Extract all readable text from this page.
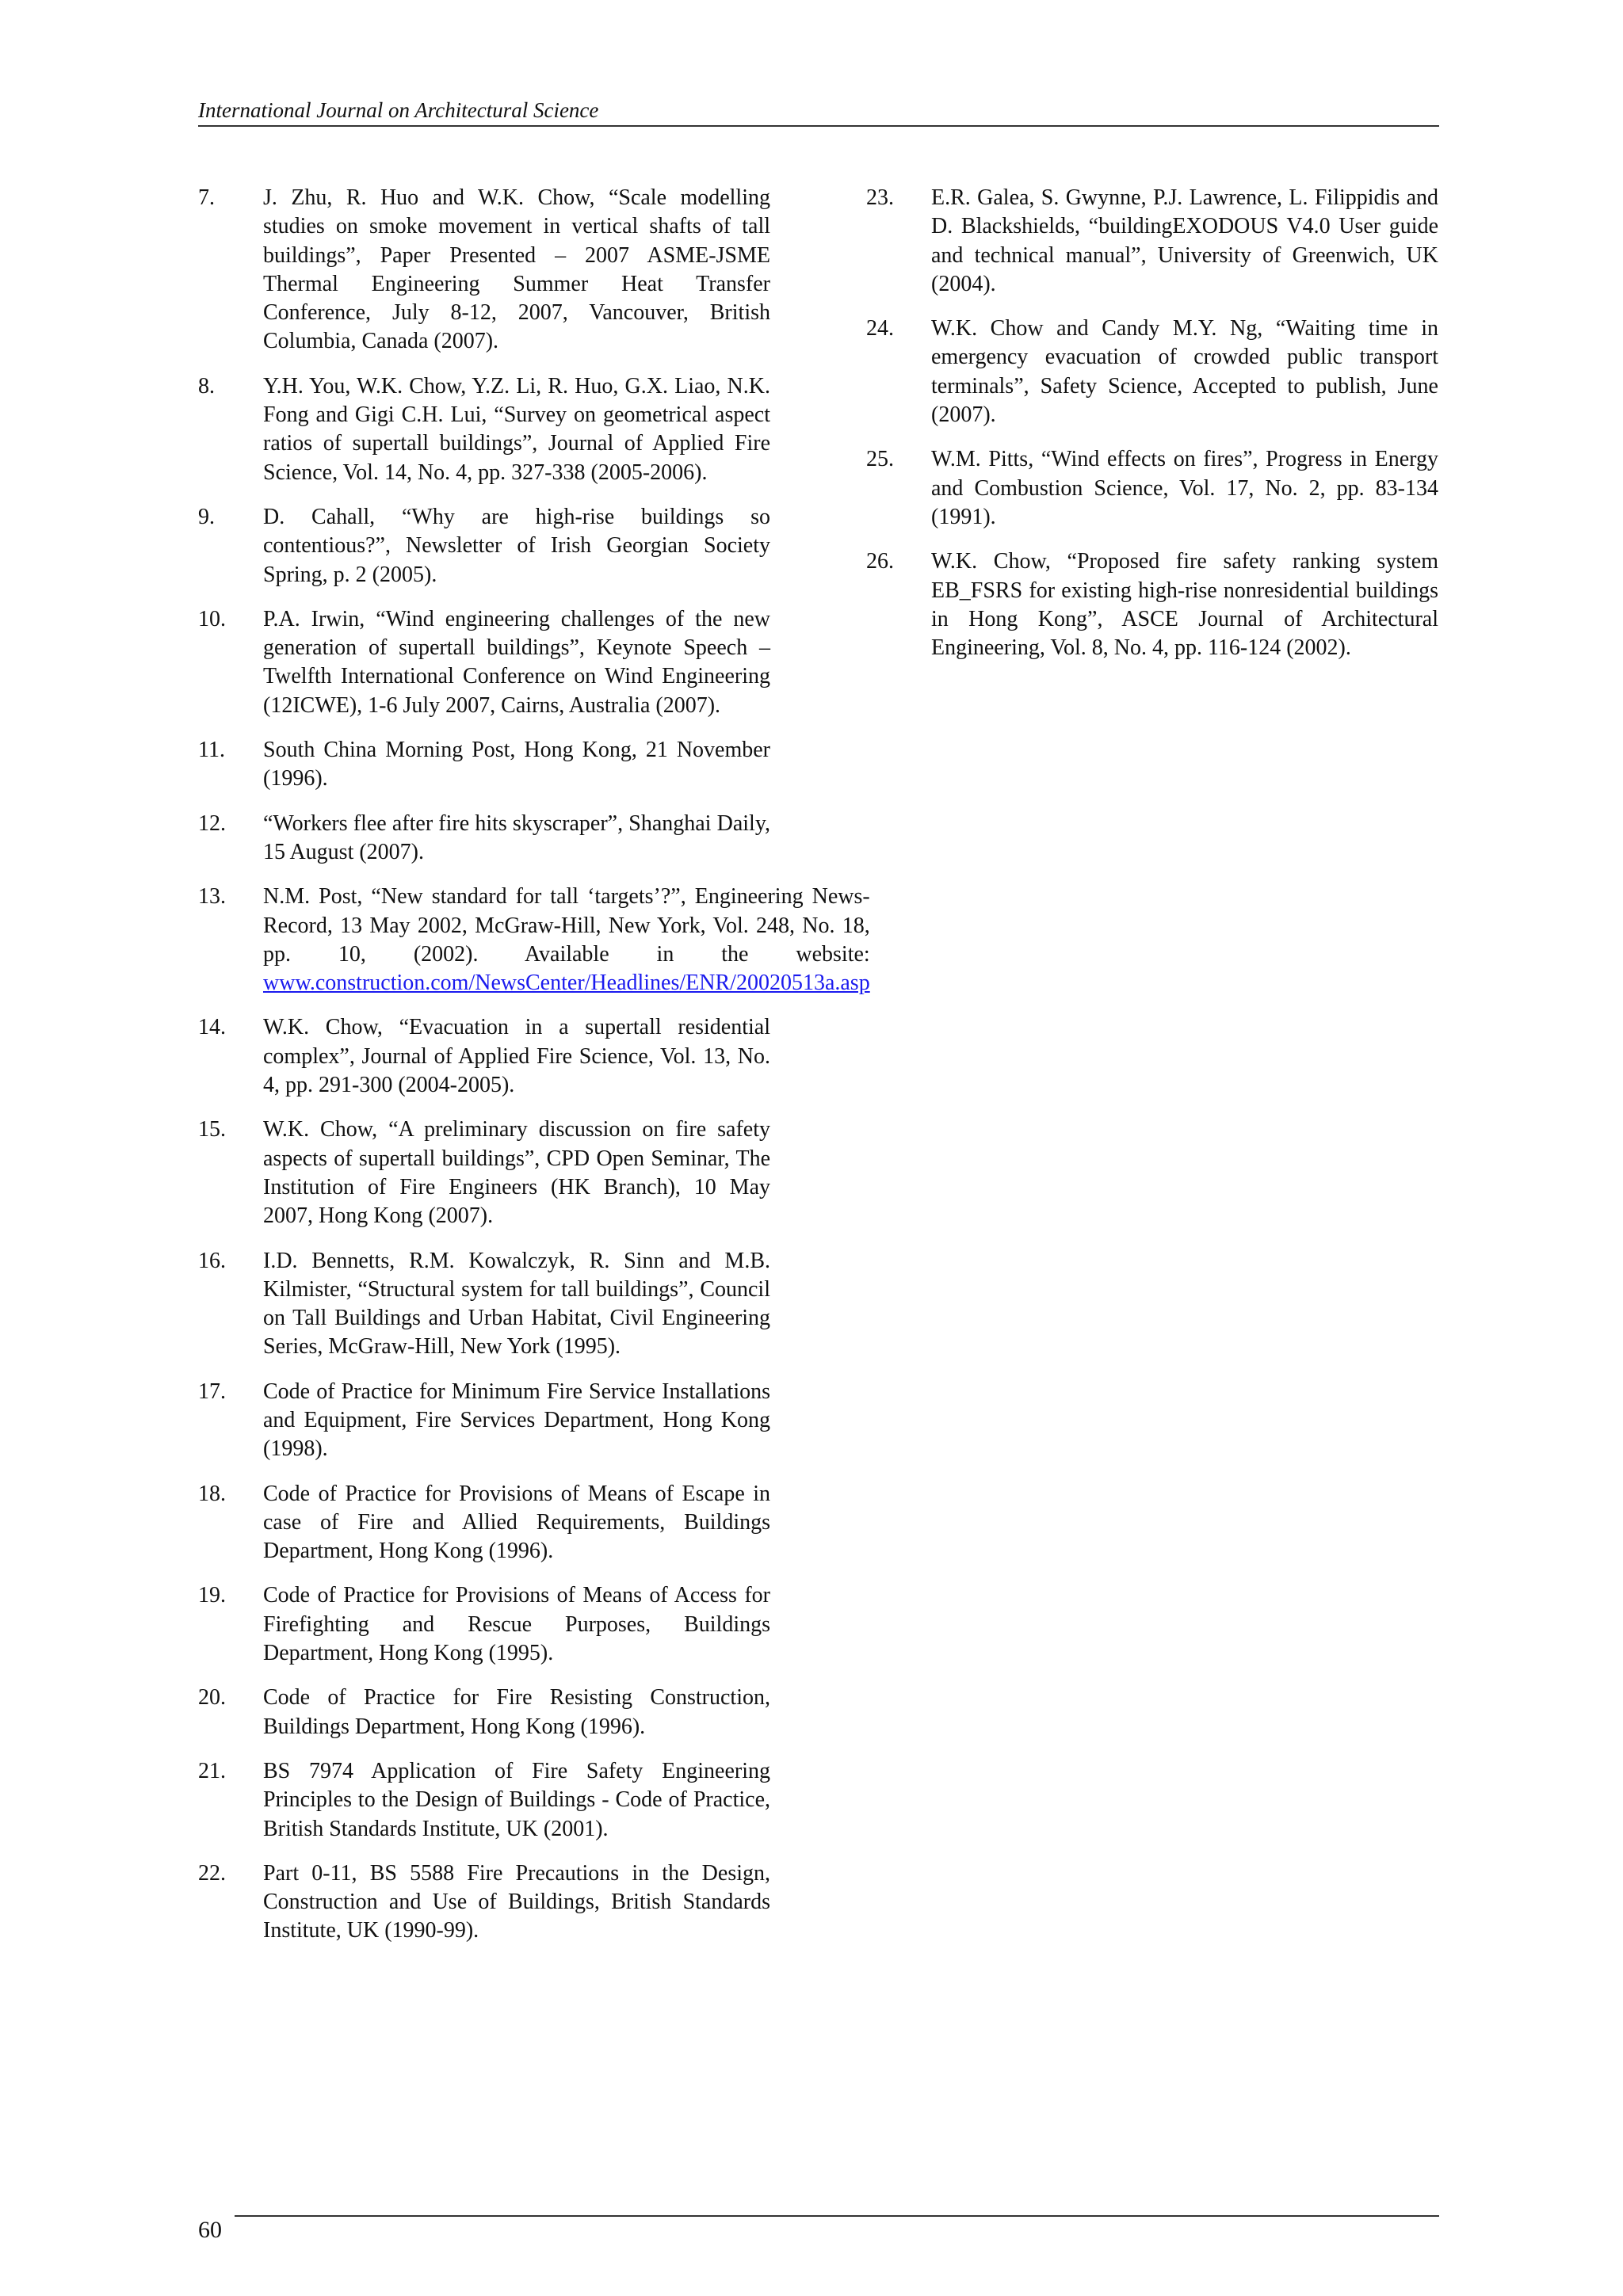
International Journal on Architectural Science
7.	J. Zhu, R. Huo and W.K. Chow, “Scale modelling studies on smoke movement in vertical shafts of tall buildings”, Paper Presented – 2007 ASME-JSME Thermal Engineering Summer Heat Transfer Conference, July 8-12, 2007, Vancouver, British Columbia, Canada (2007).
8.	Y.H. You, W.K. Chow, Y.Z. Li, R. Huo, G.X. Liao, N.K. Fong and Gigi C.H. Lui, “Survey on geometrical aspect ratios of supertall buildings”, Journal of Applied Fire Science, Vol. 14, No. 4, pp. 327-338 (2005-2006).
9.	D. Cahall, “Why are high-rise buildings so contentious?”, Newsletter of Irish Georgian Society Spring, p. 2 (2005).
10.	P.A. Irwin, “Wind engineering challenges of the new generation of supertall buildings”, Keynote Speech – Twelfth International Conference on Wind Engineering (12ICWE), 1-6 July 2007, Cairns, Australia (2007).
11.	South China Morning Post, Hong Kong, 21 November (1996).
12.	“Workers flee after fire hits skyscraper”, Shanghai Daily, 15 August (2007).
13.	N.M. Post, “New standard for tall ‘targets’?”, Engineering News-Record, 13 May 2002, McGraw-Hill, New York, Vol. 248, No. 18, pp. 10, (2002). Available in the website: www.construction.com/NewsCenter/Headlines/ENR/20020513a.asp
14.	W.K. Chow, “Evacuation in a supertall residential complex”, Journal of Applied Fire Science, Vol. 13, No. 4, pp. 291-300 (2004-2005).
15.	W.K. Chow, “A preliminary discussion on fire safety aspects of supertall buildings”, CPD Open Seminar, The Institution of Fire Engineers (HK Branch), 10 May 2007, Hong Kong (2007).
16.	I.D. Bennetts, R.M. Kowalczyk, R. Sinn and M.B. Kilmister, “Structural system for tall buildings”, Council on Tall Buildings and Urban Habitat, Civil Engineering Series, McGraw-Hill, New York (1995).
17.	Code of Practice for Minimum Fire Service Installations and Equipment, Fire Services Department, Hong Kong (1998).
18.	Code of Practice for Provisions of Means of Escape in case of Fire and Allied Requirements, Buildings Department, Hong Kong (1996).
19.	Code of Practice for Provisions of Means of Access for Firefighting and Rescue Purposes, Buildings Department, Hong Kong (1995).
20.	Code of Practice for Fire Resisting Construction, Buildings Department, Hong Kong (1996).
21.	BS 7974 Application of Fire Safety Engineering Principles to the Design of Buildings - Code of Practice, British Standards Institute, UK (2001).
22.	Part 0-11, BS 5588 Fire Precautions in the Design, Construction and Use of Buildings, British Standards Institute, UK (1990-99).
23.	E.R. Galea, S. Gwynne, P.J. Lawrence, L. Filippidis and D. Blackshields, “buildingEXODOUS V4.0 User guide and technical manual”, University of Greenwich, UK (2004).
24.	W.K. Chow and Candy M.Y. Ng, “Waiting time in emergency evacuation of crowded public transport terminals”, Safety Science, Accepted to publish, June (2007).
25.	W.M. Pitts, “Wind effects on fires”, Progress in Energy and Combustion Science, Vol. 17, No. 2, pp. 83-134 (1991).
26.	W.K. Chow, “Proposed fire safety ranking system EB_FSRS for existing high-rise nonresidential buildings in Hong Kong”, ASCE Journal of Architectural Engineering, Vol. 8, No. 4, pp. 116-124 (2002).
60
